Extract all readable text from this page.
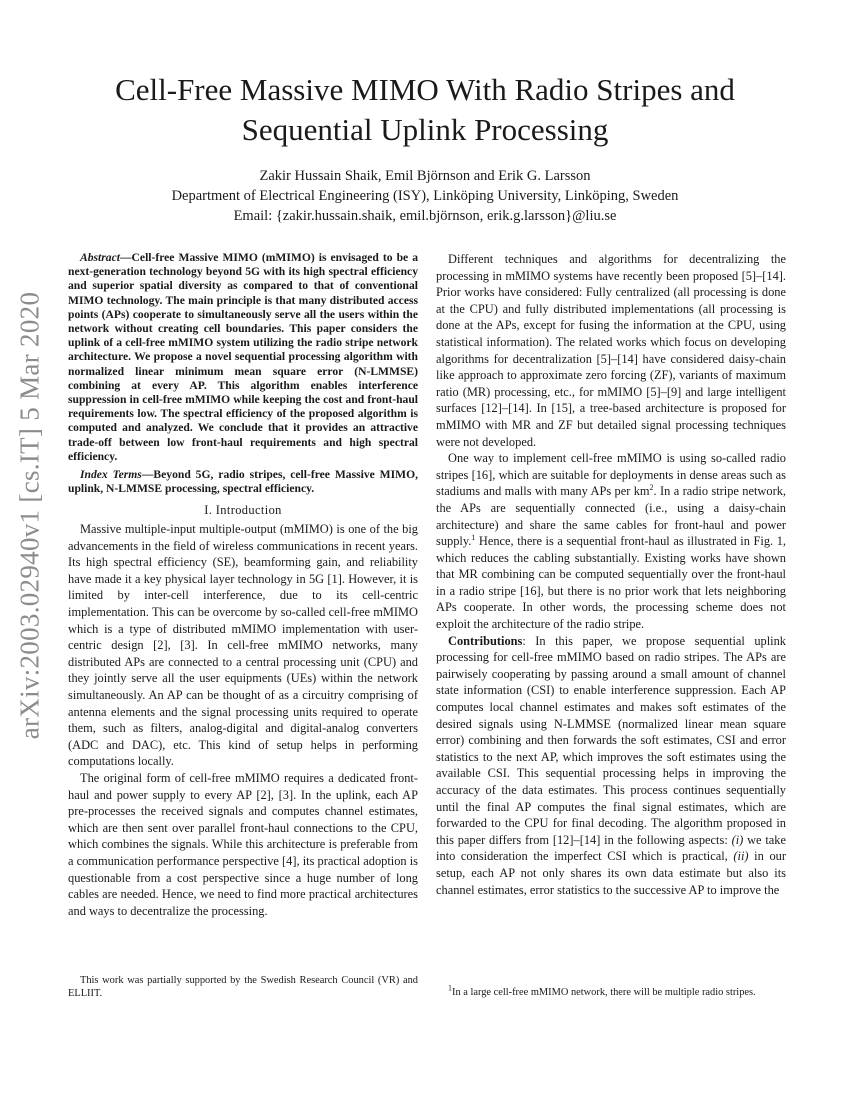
arXiv:2003.02940v1 [cs.IT] 5 Mar 2020
Cell-Free Massive MIMO With Radio Stripes and
Sequential Uplink Processing
Zakir Hussain Shaik, Emil Björnson and Erik G. Larsson
Department of Electrical Engineering (ISY), Linköping University, Linköping, Sweden
Email: {zakir.hussain.shaik, emil.björnson, erik.g.larsson}@liu.se

Abstract—Cell-free Massive MIMO (mMIMO) is envisaged to be a next-generation technology beyond 5G with its high spectral efficiency and superior spatial diversity as compared to that of conventional MIMO technology. The main principle is that many distributed access points (APs) cooperate to simultaneously serve all the users within the network without creating cell boundaries. This paper considers the uplink of a cell-free mMIMO system utilizing the radio stripe network architecture. We propose a novel sequential processing algorithm with normalized linear minimum mean square error (N-LMMSE) combining at every AP. This algorithm enables interference suppression in cell-free mMIMO while keeping the cost and front-haul requirements low. The spectral efficiency of the proposed algorithm is computed and analyzed. We conclude that it provides an attractive trade-off between low front-haul requirements and high spectral efficiency.

Index Terms—Beyond 5G, radio stripes, cell-free Massive MIMO, uplink, N-LMMSE processing, spectral efficiency.

I. Introduction

Massive multiple-input multiple-output (mMIMO) is one of the big advancements in the field of wireless communications in recent years. Its high spectral efficiency (SE), beamforming gain, and reliability have made it a key physical layer technology in 5G [1]. However, it is limited by inter-cell interference, due to its cell-centric implementation. This can be overcome by so-called cell-free mMIMO which is a type of distributed mMIMO implementation with user-centric design [2], [3]. In cell-free mMIMO networks, many distributed APs are connected to a central processing unit (CPU) and they jointly serve all the user equipments (UEs) within the network simultaneously. An AP can be thought of as a circuitry comprising of antenna elements and the signal processing units required to operate them, such as filters, analog-digital and digital-analog converters (ADC and DAC), etc. This kind of setup helps in performing computations locally.

The original form of cell-free mMIMO requires a dedicated front-haul and power supply to every AP [2], [3]. In the uplink, each AP pre-processes the received signals and computes channel estimates, which are then sent over parallel front-haul connections to the CPU, which combines the signals. While this architecture is preferable from a communication performance perspective [4], its practical adoption is questionable from a cost perspective since a huge number of long cables are needed. Hence, we need to find more practical architectures and ways to decentralize the processing.

This work was partially supported by the Swedish Research Council (VR) and ELLIIT.

Different techniques and algorithms for decentralizing the processing in mMIMO systems have recently been proposed [5]–[14]. Prior works have considered: Fully centralized (all processing is done at the CPU) and fully distributed implementations (all processing is done at the APs, except for fusing the information at the CPU, using statistical information). The related works which focus on developing algorithms for decentralization [5]–[14] have considered daisy-chain like approach to approximate zero forcing (ZF), variants of maximum ratio (MR) processing, etc., for mMIMO [5]–[9] and large intelligent surfaces [12]–[14]. In [15], a tree-based architecture is proposed for mMIMO with MR and ZF but detailed signal processing techniques were not developed.

One way to implement cell-free mMIMO is using so-called radio stripes [16], which are suitable for deployments in dense areas such as stadiums and malls with many APs per $km^2$. In a radio stripe network, the APs are sequentially connected (i.e., using a daisy-chain architecture) and share the same cables for front-haul and power supply.$^1$ Hence, there is a sequential front-haul as illustrated in Fig. 1, which reduces the cabling substantially. Existing works have shown that MR combining can be computed sequentially over the front-haul in a radio stripe [16], but there is no prior work that lets neighboring APs cooperate. In other words, the processing scheme does not exploit the architecture of the radio stripe.

Contributions: In this paper, we propose sequential uplink processing for cell-free mMIMO based on radio stripes. The APs are pairwisely cooperating by passing around a small amount of channel state information (CSI) to enable interference suppression. Each AP computes local channel estimates and makes soft estimates of the desired signals using N-LMMSE (normalized linear mean square error) combining and then forwards the soft estimates, CSI and error statistics to the next AP, which improves the soft estimates using the available CSI. This sequential processing helps in improving the accuracy of the data estimates. This process continues sequentially until the final AP computes the final signal estimates, which are forwarded to the CPU for final decoding. The algorithm proposed in this paper differs from [12]–[14] in the following aspects: (i) we take into consideration the imperfect CSI which is practical, (ii) in our setup, each AP not only shares its own data estimate but also its channel estimates, error statistics to the successive AP to improve the

$^1$In a large cell-free mMIMO network, there will be multiple radio stripes.
